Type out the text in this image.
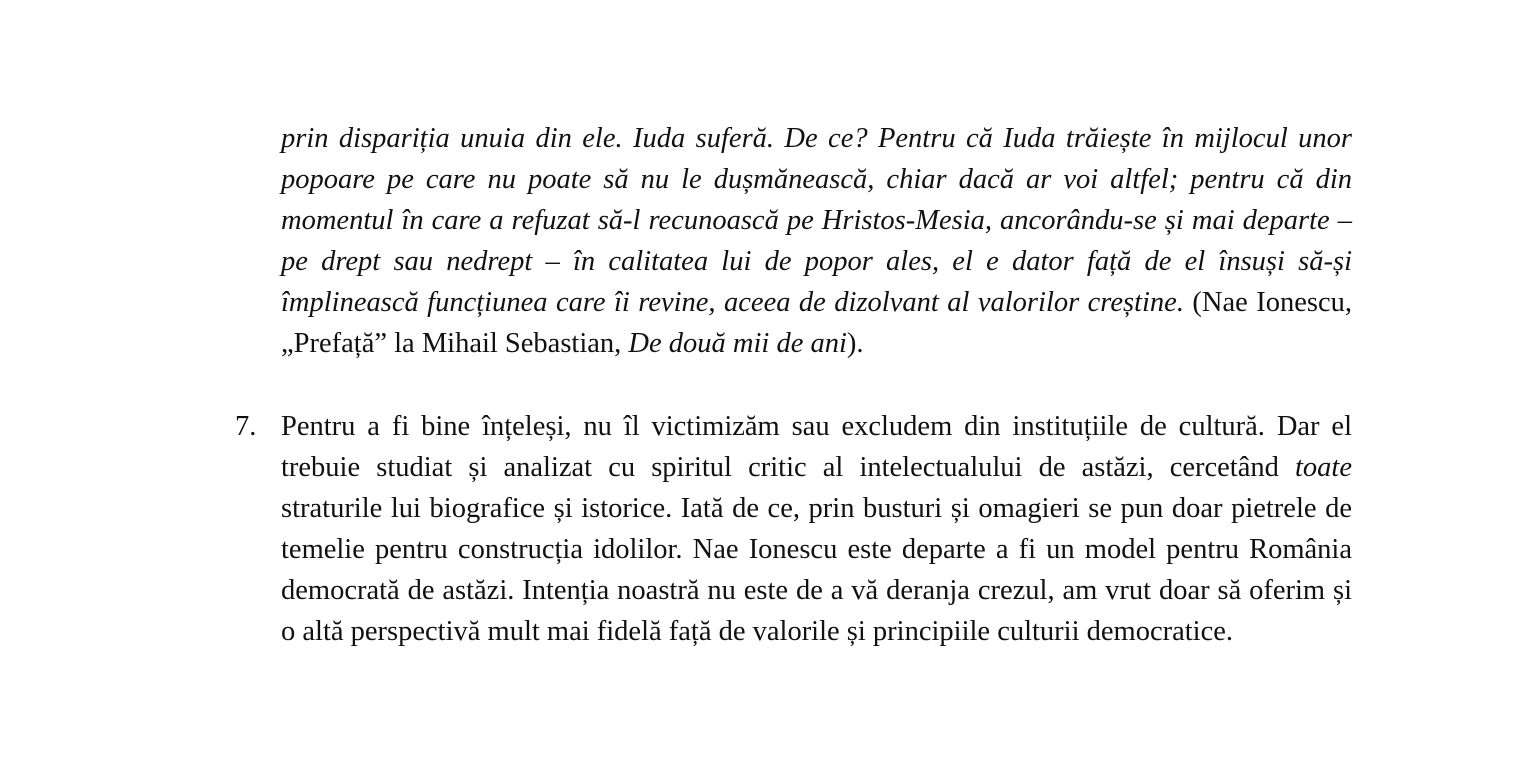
prin dispariția unuia din ele. Iuda suferă. De ce? Pentru că Iuda trăiește în mijlocul unor popoare pe care nu poate să nu le dușmănească, chiar dacă ar voi altfel; pentru că din momentul în care a refuzat să-l recunoască pe Hristos-Mesia, ancorându-se și mai departe – pe drept sau nedrept – în calitatea lui de popor ales, el e dator față de el însuși să-și împlinească funcțiunea care îi revine, aceea de dizolvant al valorilor creștine. (Nae Ionescu, „Prefață” la Mihail Sebastian, De două mii de ani).
7. Pentru a fi bine înțeleși, nu îl victimizăm sau excludem din instituțiile de cultură. Dar el trebuie studiat și analizat cu spiritul critic al intelectualului de astăzi, cercetând toate straturile lui biografice și istorice. Iată de ce, prin busturi și omagieri se pun doar pietrele de temelie pentru construcția idolilor. Nae Ionescu este departe a fi un model pentru România democrată de astăzi. Intenția noastră nu este de a vă deranja crezul, am vrut doar să oferim și o altă perspectivă mult mai fidelă față de valorile și principiile culturii democratice.
